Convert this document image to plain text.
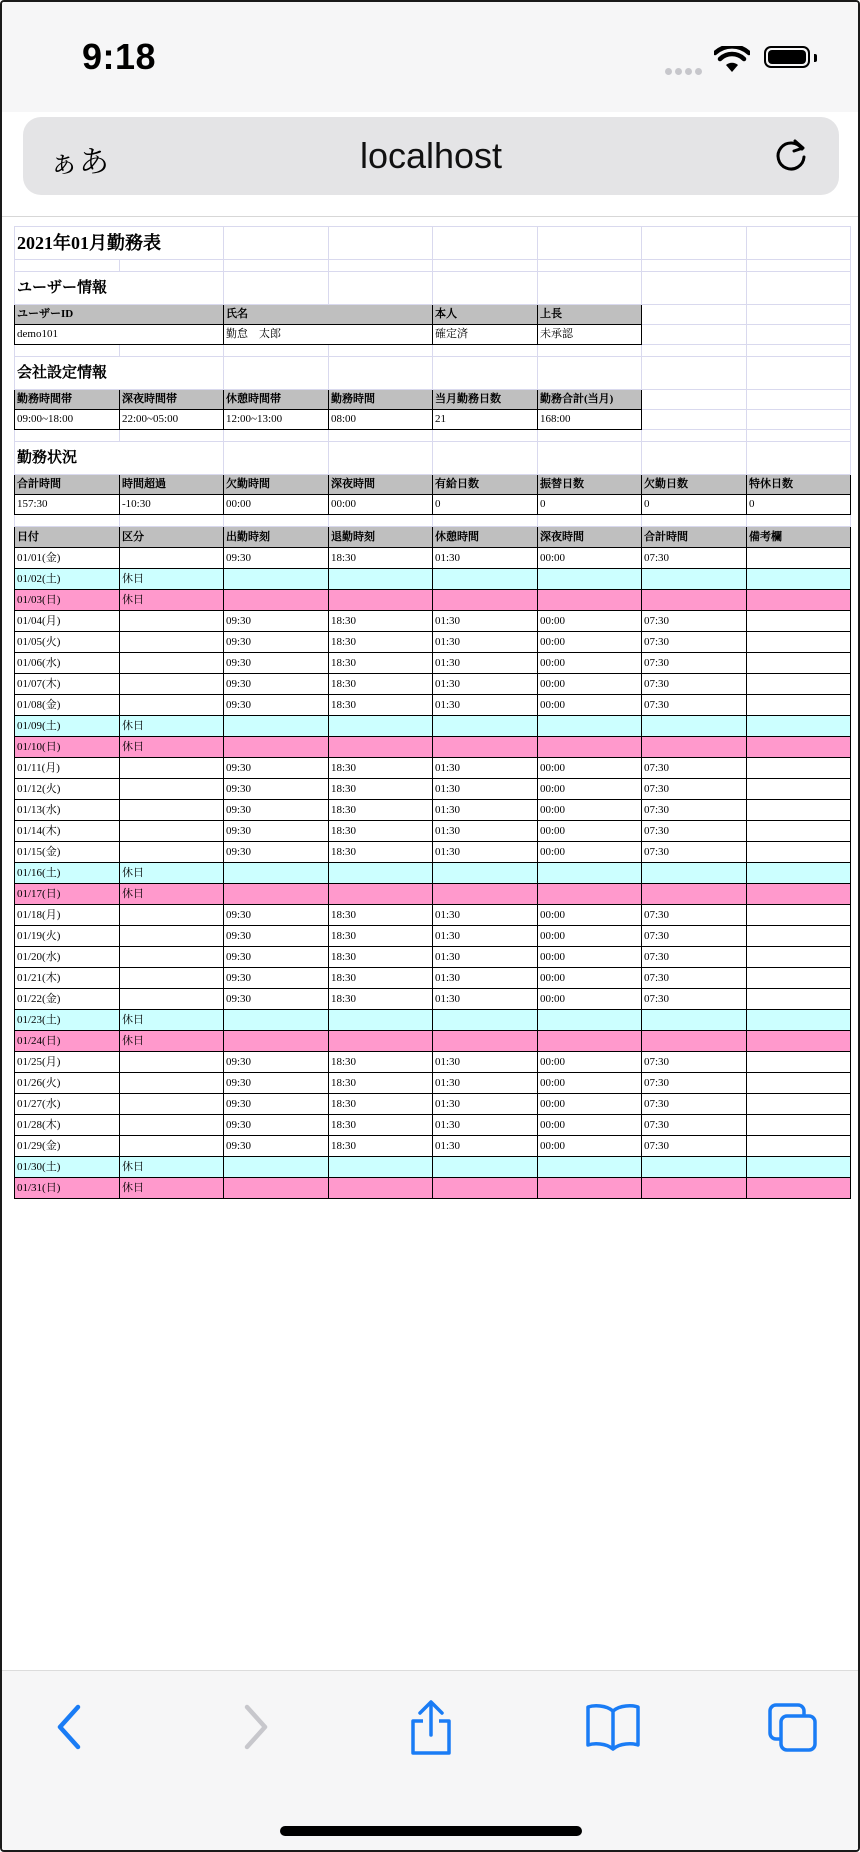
9:18
ぁあ	localhost
2021年01月勤務表							

ユーザー情報							
ユーザーID		氏名		本人	上長		
demo101		勤怠　太郎		確定済	未承認		

会社設定情報							
勤務時間帯	深夜時間帯	休憩時間帯	勤務時間	当月勤務日数	勤務合計(当月)		
09:00~18:00	22:00~05:00	12:00~13:00	08:00	21	168:00		

勤務状況							
合計時間	時間超過	欠勤時間	深夜時間	有給日数	振替日数	欠勤日数	特休日数
157:30	-10:30	00:00	00:00	0	0	0	0

日付	区分	出勤時刻	退勤時刻	休憩時間	深夜時間	合計時間	備考欄
01/01(金)		09:30	18:30	01:30	00:00	07:30	
01/02(土)	休日						
01/03(日)	休日						
01/04(月)		09:30	18:30	01:30	00:00	07:30	
01/05(火)		09:30	18:30	01:30	00:00	07:30	
01/06(水)		09:30	18:30	01:30	00:00	07:30	
01/07(木)		09:30	18:30	01:30	00:00	07:30	
01/08(金)		09:30	18:30	01:30	00:00	07:30	
01/09(土)	休日						
01/10(日)	休日						
01/11(月)		09:30	18:30	01:30	00:00	07:30	
01/12(火)		09:30	18:30	01:30	00:00	07:30	
01/13(水)		09:30	18:30	01:30	00:00	07:30	
01/14(木)		09:30	18:30	01:30	00:00	07:30	
01/15(金)		09:30	18:30	01:30	00:00	07:30	
01/16(土)	休日						
01/17(日)	休日						
01/18(月)		09:30	18:30	01:30	00:00	07:30	
01/19(火)		09:30	18:30	01:30	00:00	07:30	
01/20(水)		09:30	18:30	01:30	00:00	07:30	
01/21(木)		09:30	18:30	01:30	00:00	07:30	
01/22(金)		09:30	18:30	01:30	00:00	07:30	
01/23(土)	休日						
01/24(日)	休日						
01/25(月)		09:30	18:30	01:30	00:00	07:30	
01/26(火)		09:30	18:30	01:30	00:00	07:30	
01/27(水)		09:30	18:30	01:30	00:00	07:30	
01/28(木)		09:30	18:30	01:30	00:00	07:30	
01/29(金)		09:30	18:30	01:30	00:00	07:30	
01/30(土)	休日						
01/31(日)	休日						
